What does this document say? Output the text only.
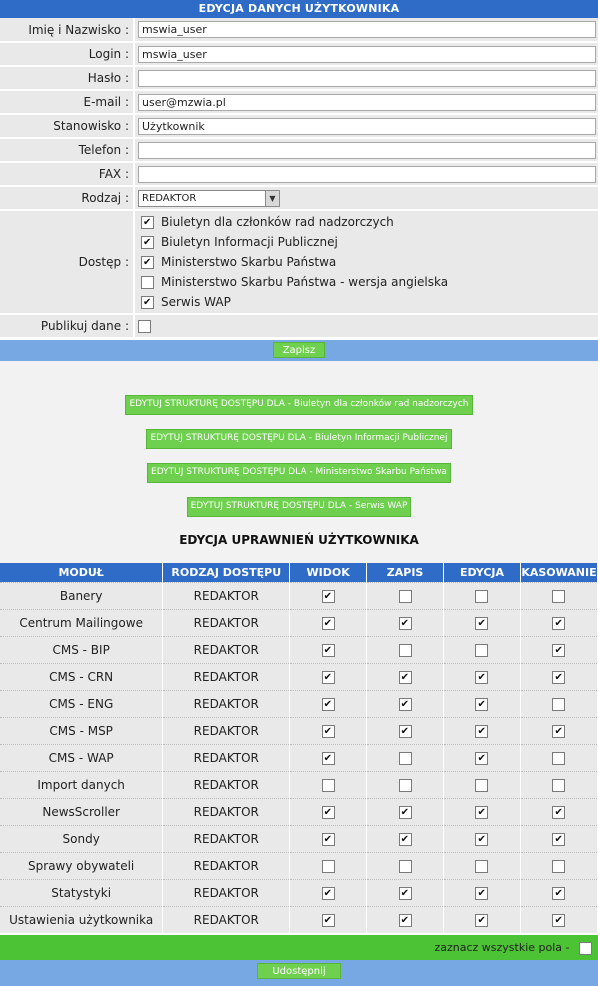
EDYCJA DANYCH UŻYTKOWNIKA
Imię i Nazwisko :	mswia_user
Login :	mswia_user
Hasło :	
E-mail :	user@mzwia.pl
Stanowisko :	Użytkownik
Telefon :	
FAX :	
Rodzaj :	REDAKTOR ▼

Dostęp :	
✔
Biuletyn dla członków rad nadzorczych
✔
Biuletyn Informacji Publicznej
✔
Ministerstwo Skarbu Państwa
Ministerstwo Skarbu Państwa - wersja angielska
✔
Serwis WAP

Publikuj dane :	
Zapisz
EDYTUJ STRUKTURĘ DOSTĘPU DLA - Biuletyn dla członków rad nadzorczych
EDYTUJ STRUKTURĘ DOSTĘPU DLA - Biuletyn Informacji Publicznej
EDYTUJ STRUKTURĘ DOSTĘPU DLA - Ministerstwo Skarbu Państwa
EDYTUJ STRUKTURĘ DOSTĘPU DLA - Serwis WAP
EDYCJA UPRAWNIEŃ UŻYTKOWNIKA
MODUŁ	RODZAJ DOSTĘPU	WIDOK	ZAPIS	EDYCJA	KASOWANIE
Banery	REDAKTOR	✔			
Centrum Mailingowe	REDAKTOR	✔	✔	✔	✔
CMS - BIP	REDAKTOR	✔			✔
CMS - CRN	REDAKTOR	✔	✔	✔	✔
CMS - ENG	REDAKTOR	✔	✔	✔	
CMS - MSP	REDAKTOR	✔	✔	✔	✔
CMS - WAP	REDAKTOR	✔		✔	
Import danych	REDAKTOR				
NewsScroller	REDAKTOR	✔	✔	✔	✔
Sondy	REDAKTOR	✔	✔	✔	✔
Sprawy obywateli	REDAKTOR				
Statystyki	REDAKTOR	✔	✔	✔	✔
Ustawienia użytkownika	REDAKTOR	✔	✔	✔	✔
zaznacz wszystkie pola -
Udostępnij
